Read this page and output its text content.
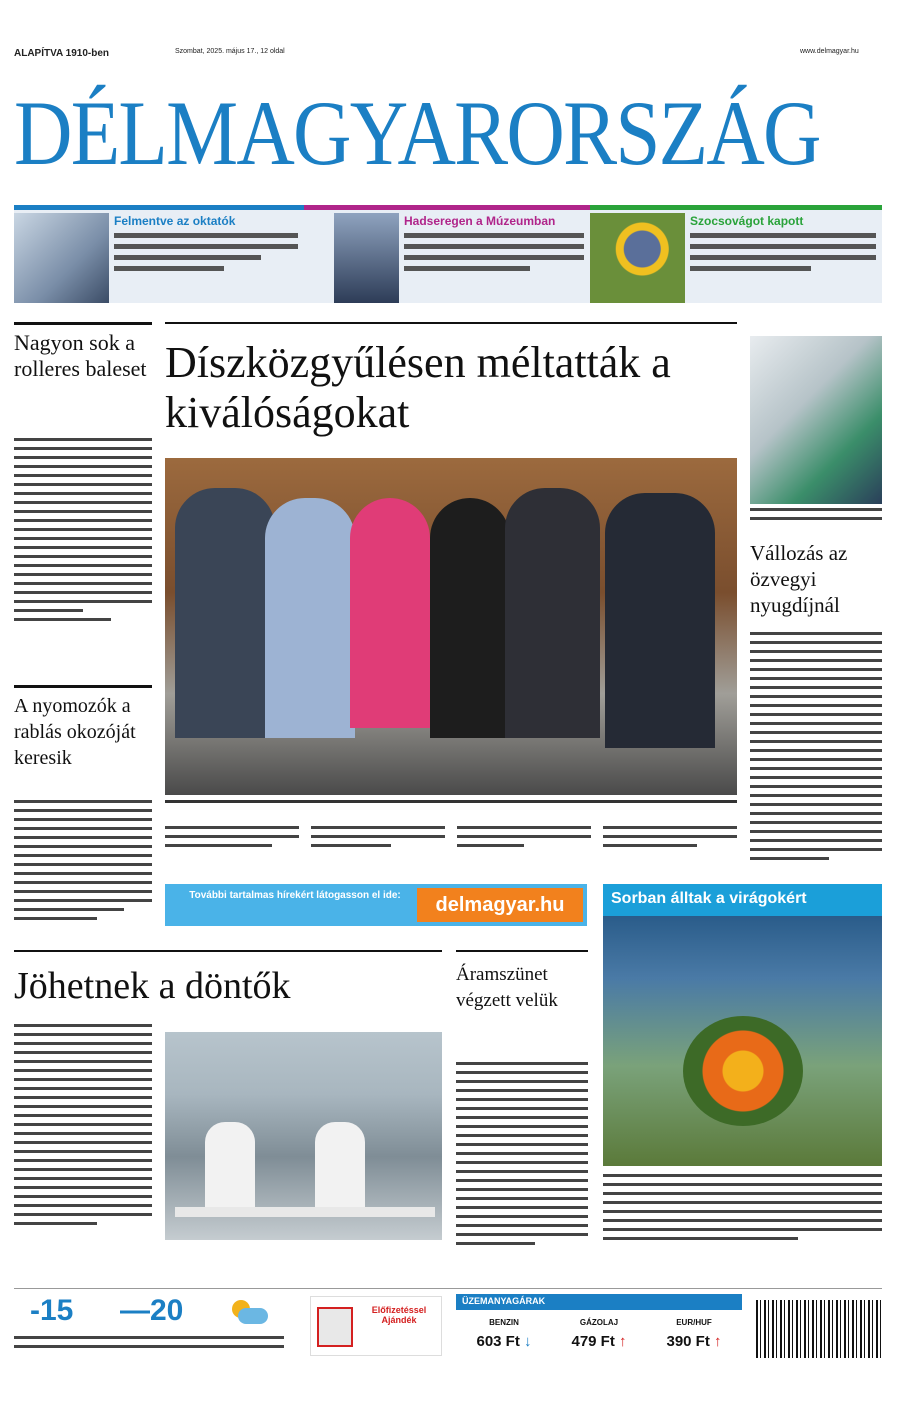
ALAPÍTVA 1910-ben	Szombat, 2025. május 17., 12 oldal	www.delmagyar.hu
DÉLMAGYARORSZÁG
Felmentve az oktatók	Hadseregen a Múzeumban	Szocsovágot kapott
Nagyon sok a rolleres baleset
A nyomozók a rablás okozóját keresik
Díszközgyűlésen méltatták a kiválóságokat
Vállozás az özvegyi nyugdíjnál
További tartalmas hírekért látogasson el ide:	delmagyar.hu	Sorban álltak a virágokért
Jöhetnek a döntők	Áramszünet végzett velük
-15 —20	Előfizetéssel Ajándék
ÜZEMANYAGÁRAK
BENZIN
603 Ft ↓
GÁZOLAJ
479 Ft ↑
EUR/HUF
390 Ft ↑
